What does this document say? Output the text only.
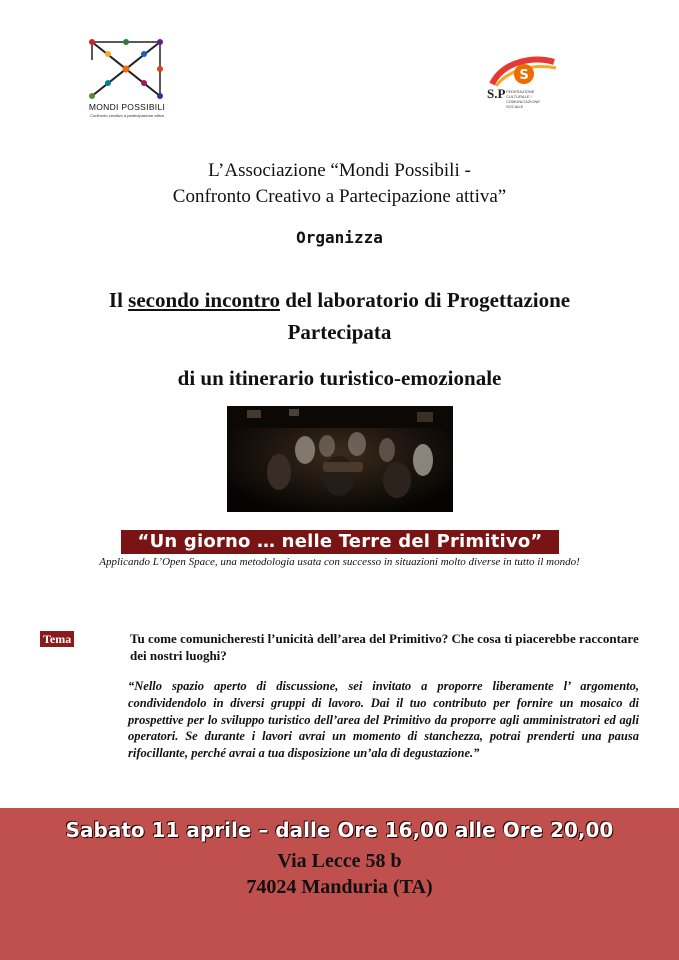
MONDI POSSIBILI
Confronto creativo a partecipazione attiva
S
S.P FEDERAZIONE CULTURALE / COMUNICAZIONE SOCIALE
L’Associazione “Mondi Possibili -
Confronto Creativo a Partecipazione attiva”
Organizza
Il secondo incontro del laboratorio di Progettazione
Partecipata
di un itinerario turistico-emozionale
“Un giorno … nelle Terre del Primitivo”
Applicando L’Open Space, una metodologia usata con successo in situazioni molto diverse in tutto il mondo!
Tema	Tu come comunicheresti l’unicità dell’area del Primitivo? Che cosa ti piacerebbe raccontare dei nostri luoghi?
“Nello spazio aperto di discussione, sei invitato a proporre liberamente l’ argomento, condividendolo in diversi gruppi di lavoro. Dai il tuo contributo per fornire un mosaico di prospettive per lo sviluppo turistico dell’area del Primitivo da proporre agli amministratori ed agli operatori. Se durante i lavori avrai un momento di stanchezza, potrai prenderti una pausa rifocillante, perché avrai a tua disposizione un’ala di degustazione.”
Sabato 11 aprile – dalle Ore 16,00 alle Ore 20,00
Via Lecce 58 b
74024 Manduria (TA)
